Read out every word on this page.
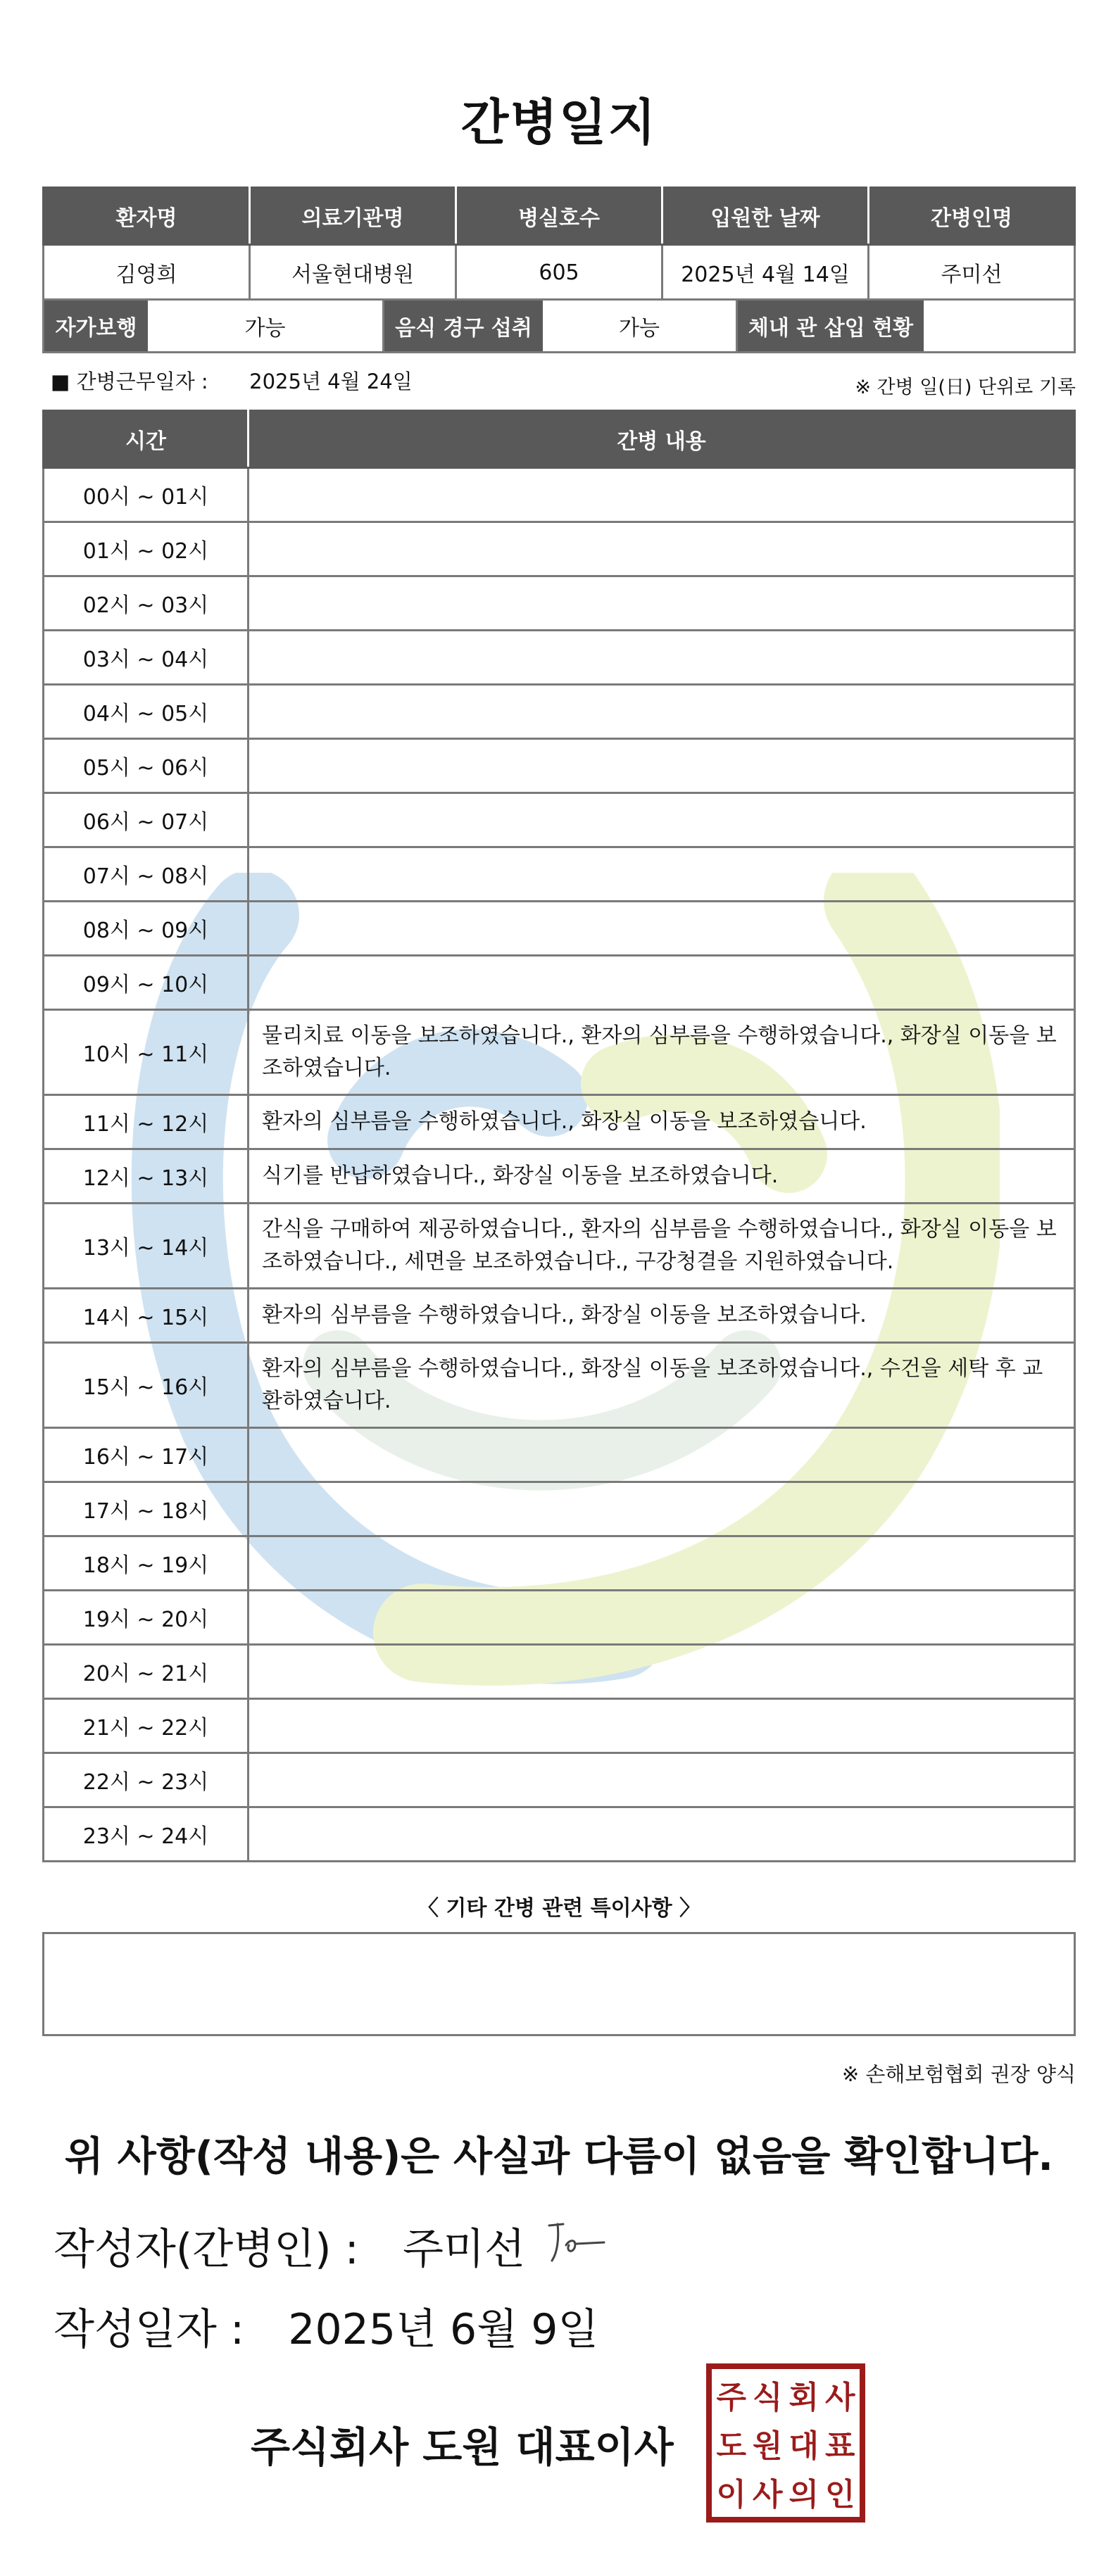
간병일지
환자명	의료기관명	병실호수	입원한 날짜	간병인명
김영희	서울현대병원	605	2025년 4월 14일	주미선
자가보행	가능	음식 경구 섭취	가능	체내 관 삽입 현황
■ 간병근무일자 : 2025년 4월 24일	※ 간병 일(日) 단위로 기록
시간	간병 내용
00시 ~ 01시	
01시 ~ 02시	
02시 ~ 03시	
03시 ~ 04시	
04시 ~ 05시	
05시 ~ 06시	
06시 ~ 07시	
07시 ~ 08시	
08시 ~ 09시	
09시 ~ 10시	
10시 ~ 11시	물리치료 이동을 보조하였습니다., 환자의 심부름을 수행하였습니다., 화장실 이동을 보조하였습니다.
11시 ~ 12시	환자의 심부름을 수행하였습니다., 화장실 이동을 보조하였습니다.
12시 ~ 13시	식기를 반납하였습니다., 화장실 이동을 보조하였습니다.
13시 ~ 14시	간식을 구매하여 제공하였습니다., 환자의 심부름을 수행하였습니다., 화장실 이동을 보조하였습니다., 세면을 보조하였습니다., 구강청결을 지원하였습니다.
14시 ~ 15시	환자의 심부름을 수행하였습니다., 화장실 이동을 보조하였습니다.
15시 ~ 16시	환자의 심부름을 수행하였습니다., 화장실 이동을 보조하였습니다., 수건을 세탁 후 교환하였습니다.
16시 ~ 17시	
17시 ~ 18시	
18시 ~ 19시	
19시 ~ 20시	
20시 ~ 21시	
21시 ~ 22시	
22시 ~ 23시	
23시 ~ 24시	
〈 기타 간병 관련 특이사항 〉
※ 손해보험협회 권장 양식
위 사항(작성 내용)은 사실과 다름이 없음을 확인합니다.
작성자(간병인) : 주미선
작성일자 : 2025년 6월 9일
주식회사 도원 대표이사
주 식 회 사
도 원 대 표
이 사 의 인
